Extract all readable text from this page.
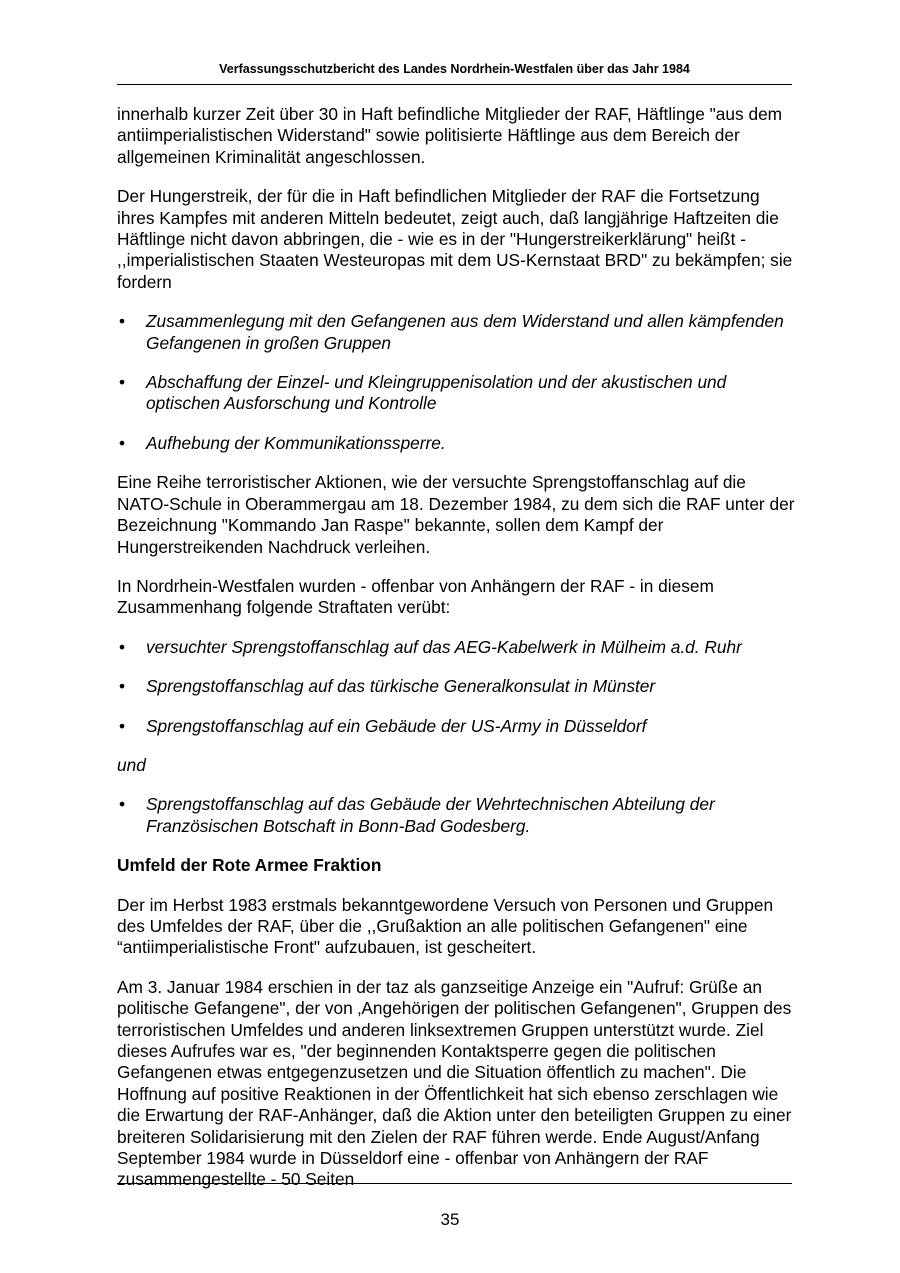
Verfassungsschutzbericht des Landes Nordrhein-Westfalen über das Jahr 1984

innerhalb kurzer Zeit über 30 in Haft befindliche Mitglieder der RAF, Häftlinge "aus dem antiimperialistischen Widerstand" sowie politisierte Häftlinge aus dem Bereich der allgemeinen Kriminalität angeschlossen.

Der Hungerstreik, der für die in Haft befindlichen Mitglieder der RAF die Fortsetzung ihres Kampfes mit anderen Mitteln bedeutet, zeigt auch, daß langjährige Haftzeiten die Häftlinge nicht davon abbringen, die - wie es in der "Hungerstreikerklärung" heißt - ,,imperialistischen Staaten Westeuropas mit dem US-Kernstaat BRD" zu bekämpfen; sie fordern

• Zusammenlegung mit den Gefangenen aus dem Widerstand und allen kämpfenden Gefangenen in großen Gruppen
• Abschaffung der Einzel- und Kleingruppenisolation und der akustischen und optischen Ausforschung und Kontrolle
• Aufhebung der Kommunikationssperre.

Eine Reihe terroristischer Aktionen, wie der versuchte Sprengstoffanschlag auf die NATO-Schule in Oberammergau am 18. Dezember 1984, zu dem sich die RAF unter der Bezeichnung "Kommando Jan Raspe" bekannte, sollen dem Kampf der Hungerstreikenden Nachdruck verleihen.

In Nordrhein-Westfalen wurden - offenbar von Anhängern der RAF - in diesem Zusammenhang folgende Straftaten verübt:

• versuchter Sprengstoffanschlag auf das AEG-Kabelwerk in Mülheim a.d. Ruhr
• Sprengstoffanschlag auf das türkische Generalkonsulat in Münster
• Sprengstoffanschlag auf ein Gebäude der US-Army in Düsseldorf
und
• Sprengstoffanschlag auf das Gebäude der Wehrtechnischen Abteilung der Französischen Botschaft in Bonn-Bad Godesberg.
Umfeld der Rote Armee Fraktion

Der im Herbst 1983 erstmals bekanntgewordene Versuch von Personen und Gruppen des Umfeldes der RAF, über die ,,Grußaktion an alle politischen Gefangenen" eine “antiimperialistische Front" aufzubauen, ist gescheitert.

Am 3. Januar 1984 erschien in der taz als ganzseitige Anzeige ein "Aufruf: Grüße an politische Gefangene", der von ‚Angehörigen der politischen Gefangenen", Gruppen des terroristischen Umfeldes und anderen linksextremen Gruppen unterstützt wurde. Ziel dieses Aufrufes war es, "der beginnenden Kontaktsperre gegen die politischen Gefangenen etwas entgegenzusetzen und die Situation öffentlich zu machen". Die Hoffnung auf positive Reaktionen in der Öffentlichkeit hat sich ebenso zerschlagen wie die Erwartung der RAF-Anhänger, daß die Aktion unter den beteiligten Gruppen zu einer breiteren Solidarisierung mit den Zielen der RAF führen werde. Ende August/Anfang September 1984 wurde in Düsseldorf eine - offenbar von Anhängern der RAF zusammengestellte - 50 Seiten

35
